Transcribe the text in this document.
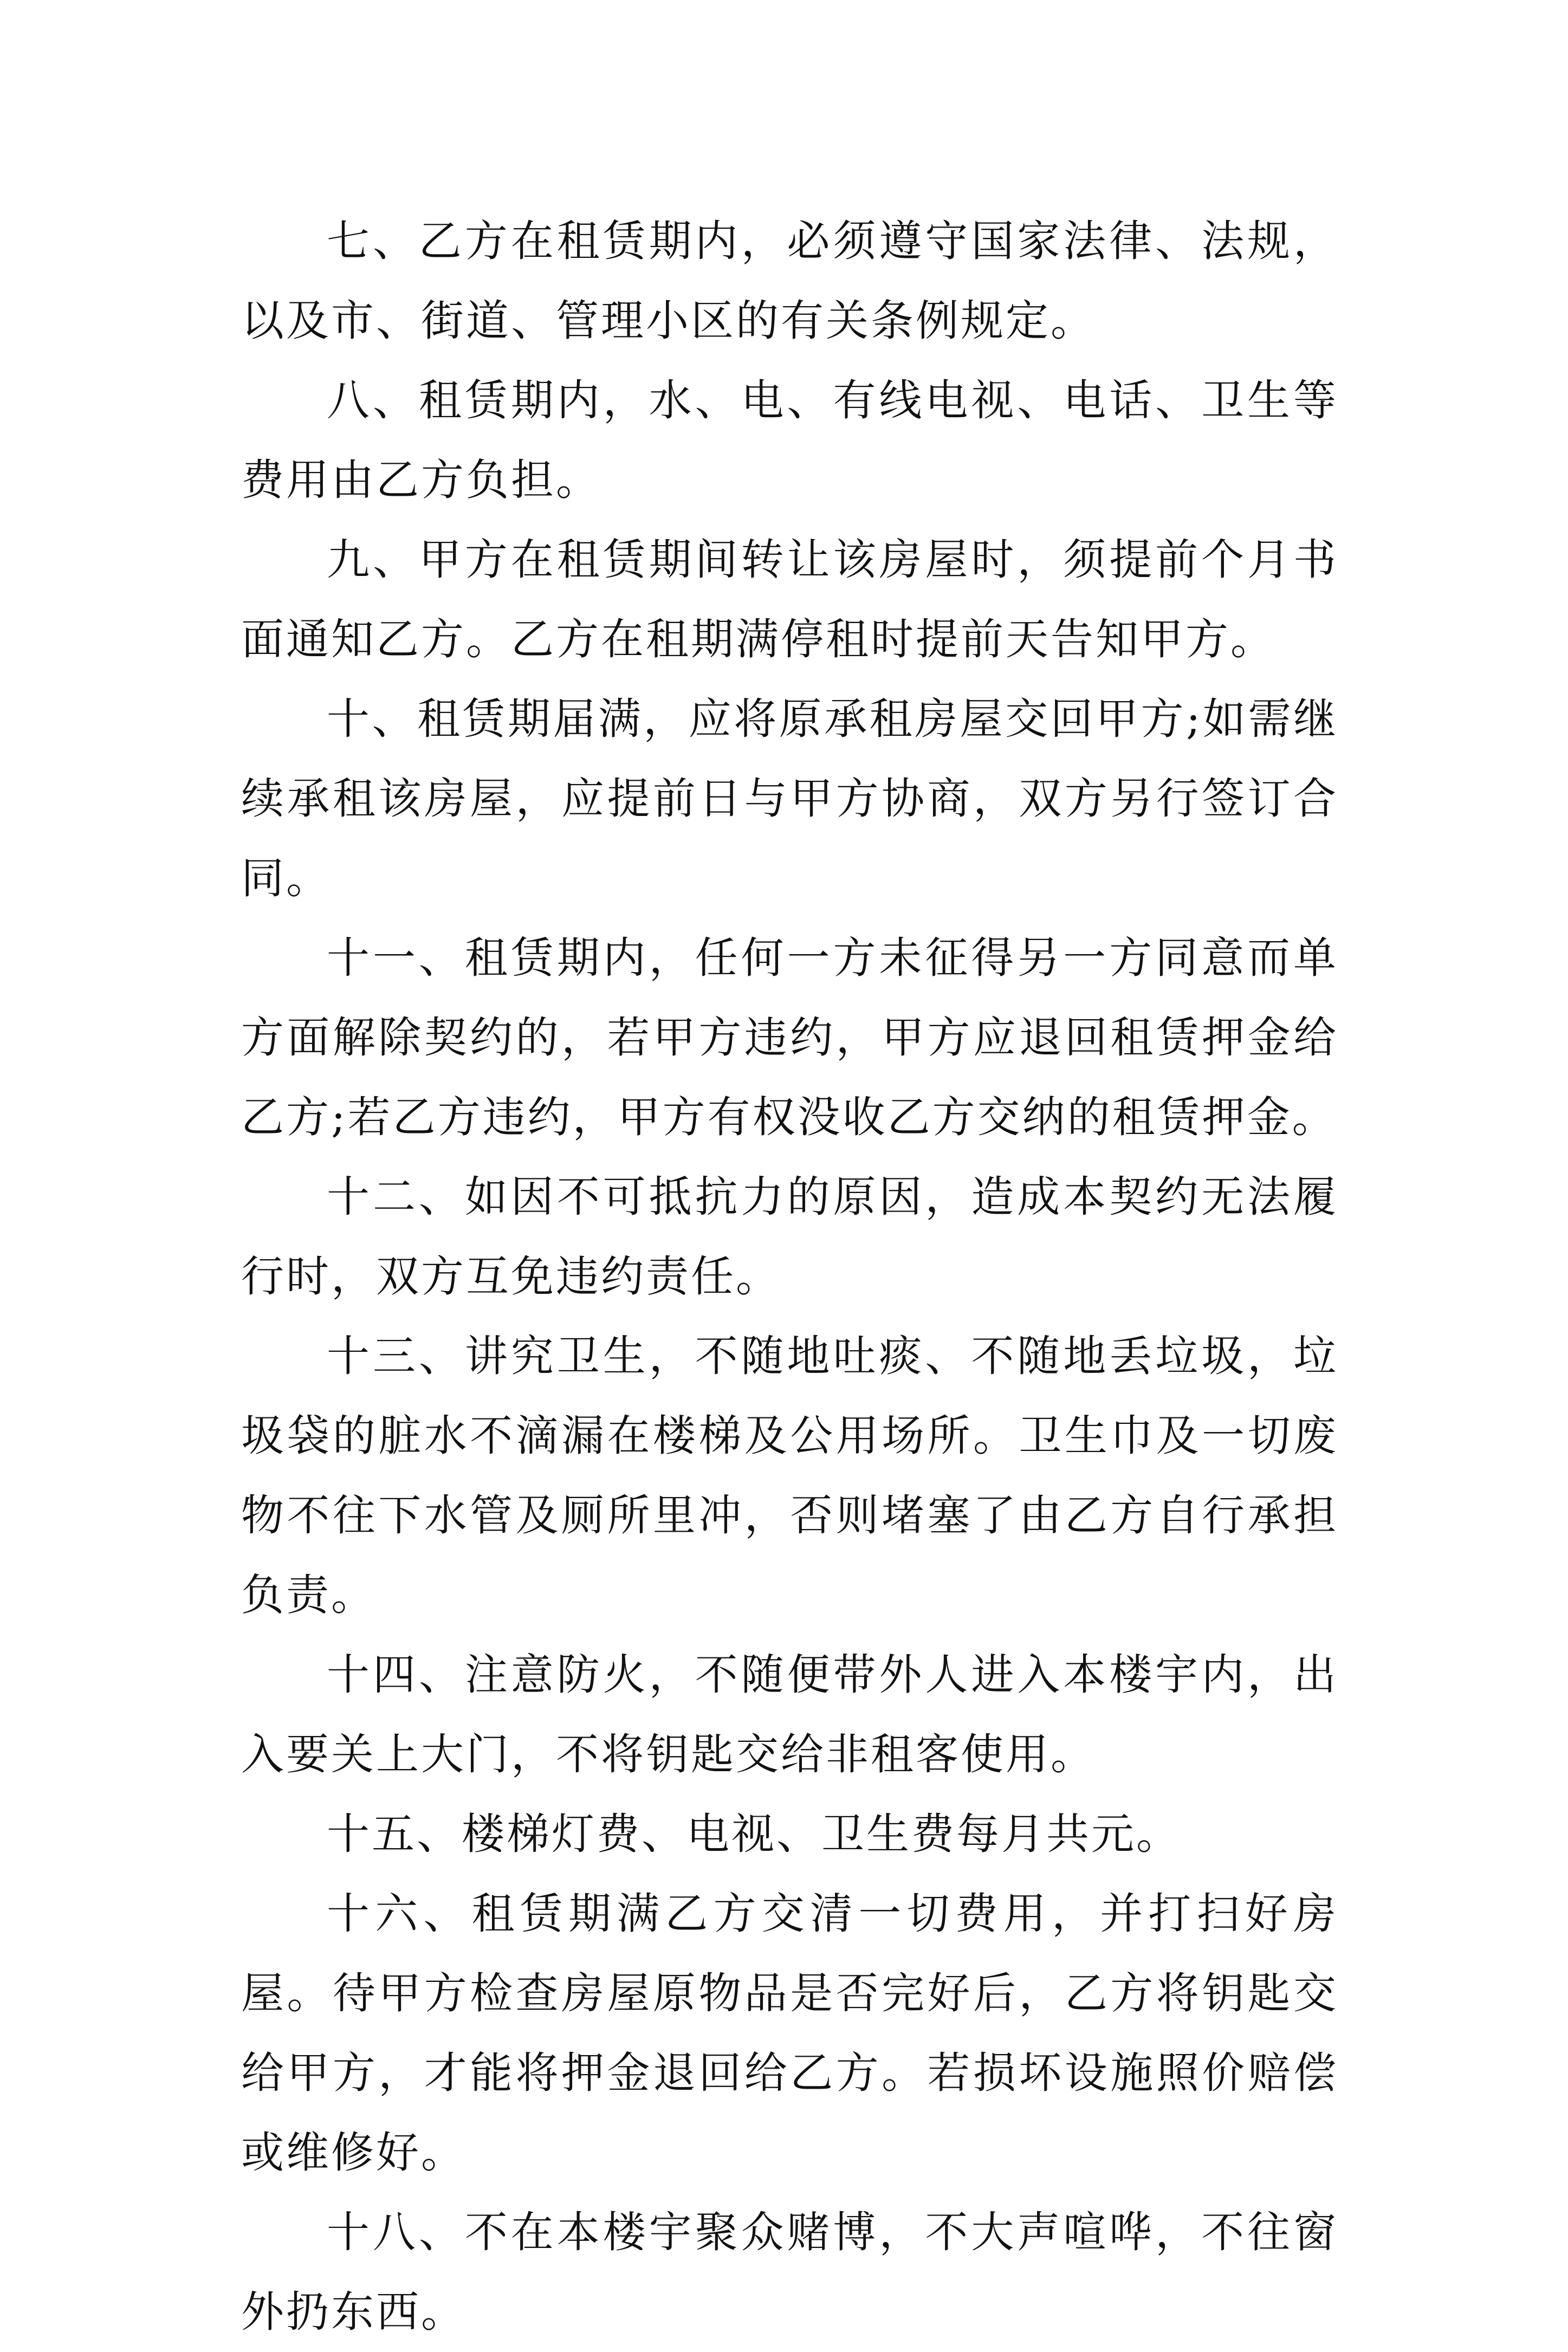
七、乙方在租赁期内，必须遵守国家法律、法规，以及市、街道、管理小区的有关条例规定。

八、租赁期内，水、电、有线电视、电话、卫生等费用由乙方负担。

九、甲方在租赁期间转让该房屋时，须提前个月书面通知乙方。乙方在租期满停租时提前天告知甲方。

十、租赁期届满，应将原承租房屋交回甲方;如需继续承租该房屋，应提前日与甲方协商，双方另行签订合同。

十一、租赁期内，任何一方未征得另一方同意而单方面解除契约的，若甲方违约，甲方应退回租赁押金给乙方;若乙方违约，甲方有权没收乙方交纳的租赁押金。

十二、如因不可抵抗力的原因，造成本契约无法履行时，双方互免违约责任。

十三、讲究卫生，不随地吐痰、不随地丢垃圾，垃圾袋的脏水不滴漏在楼梯及公用场所。卫生巾及一切废物不往下水管及厕所里冲，否则堵塞了由乙方自行承担负责。

十四、注意防火，不随便带外人进入本楼宇内，出入要关上大门，不将钥匙交给非租客使用。

十五、楼梯灯费、电视、卫生费每月共元。

十六、租赁期满乙方交清一切费用，并打扫好房屋。待甲方检查房屋原物品是否完好后，乙方将钥匙交给甲方，才能将押金退回给乙方。若损坏设施照价赔偿或维修好。

十八、不在本楼宇聚众赌博，不大声喧哗，不往窗外扔东西。
